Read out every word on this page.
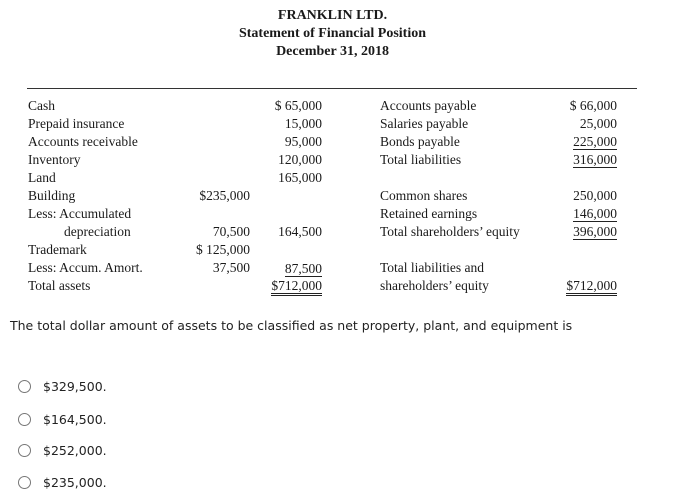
FRANKLIN LTD.
Statement of Financial Position
December 31, 2018
Cash
Prepaid insurance
Accounts receivable
Inventory
Land
Building
Less: Accumulated
depreciation
Trademark
Less: Accum. Amort.
Total assets
$235,000
70,500
$ 125,000
37,500
$ 65,000
15,000
95,000
120,000
165,000
164,500
87,500
$712,000
Accounts payable
Salaries payable
Bonds payable
Total liabilities
Common shares
Retained earnings
Total shareholders’ equity
Total liabilities and
shareholders’ equity
$ 66,000
25,000
225,000
316,000
250,000
146,000
396,000
$712,000
The total dollar amount of assets to be classified as net property, plant, and equipment is
$329,500.
$164,500.
$252,000.
$235,000.
